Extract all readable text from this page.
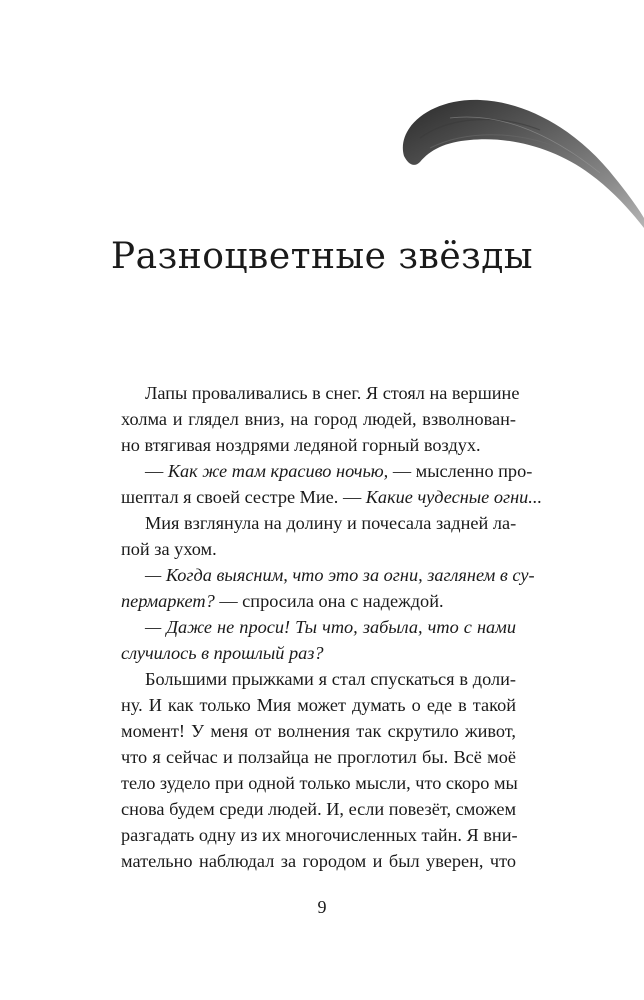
Разноцветные звёзды
Лапы проваливались в снег. Я стоял на вершине
холма и глядел вниз, на город людей, взволнован-
но втягивая ноздрями ледяной горный воздух.
— Как же там красиво ночью, — мысленно про-
шептал я своей сестре Мие. — Какие чудесные огни...
Мия взглянула на долину и почесала задней ла-
пой за ухом.
— Когда выясним, что это за огни, заглянем в су-
пермаркет? — спросила она с надеждой.
— Даже не проси! Ты что, забыла, что с нами
случилось в прошлый раз?
Большими прыжками я стал спускаться в доли-
ну. И как только Мия может думать о еде в такой
момент! У меня от волнения так скрутило живот,
что я сейчас и ползайца не проглотил бы. Всё моё
тело зудело при одной только мысли, что скоро мы
снова будем среди людей. И, если повезёт, сможем
разгадать одну из их многочисленных тайн. Я вни-
мательно наблюдал за городом и был уверен, что
9
